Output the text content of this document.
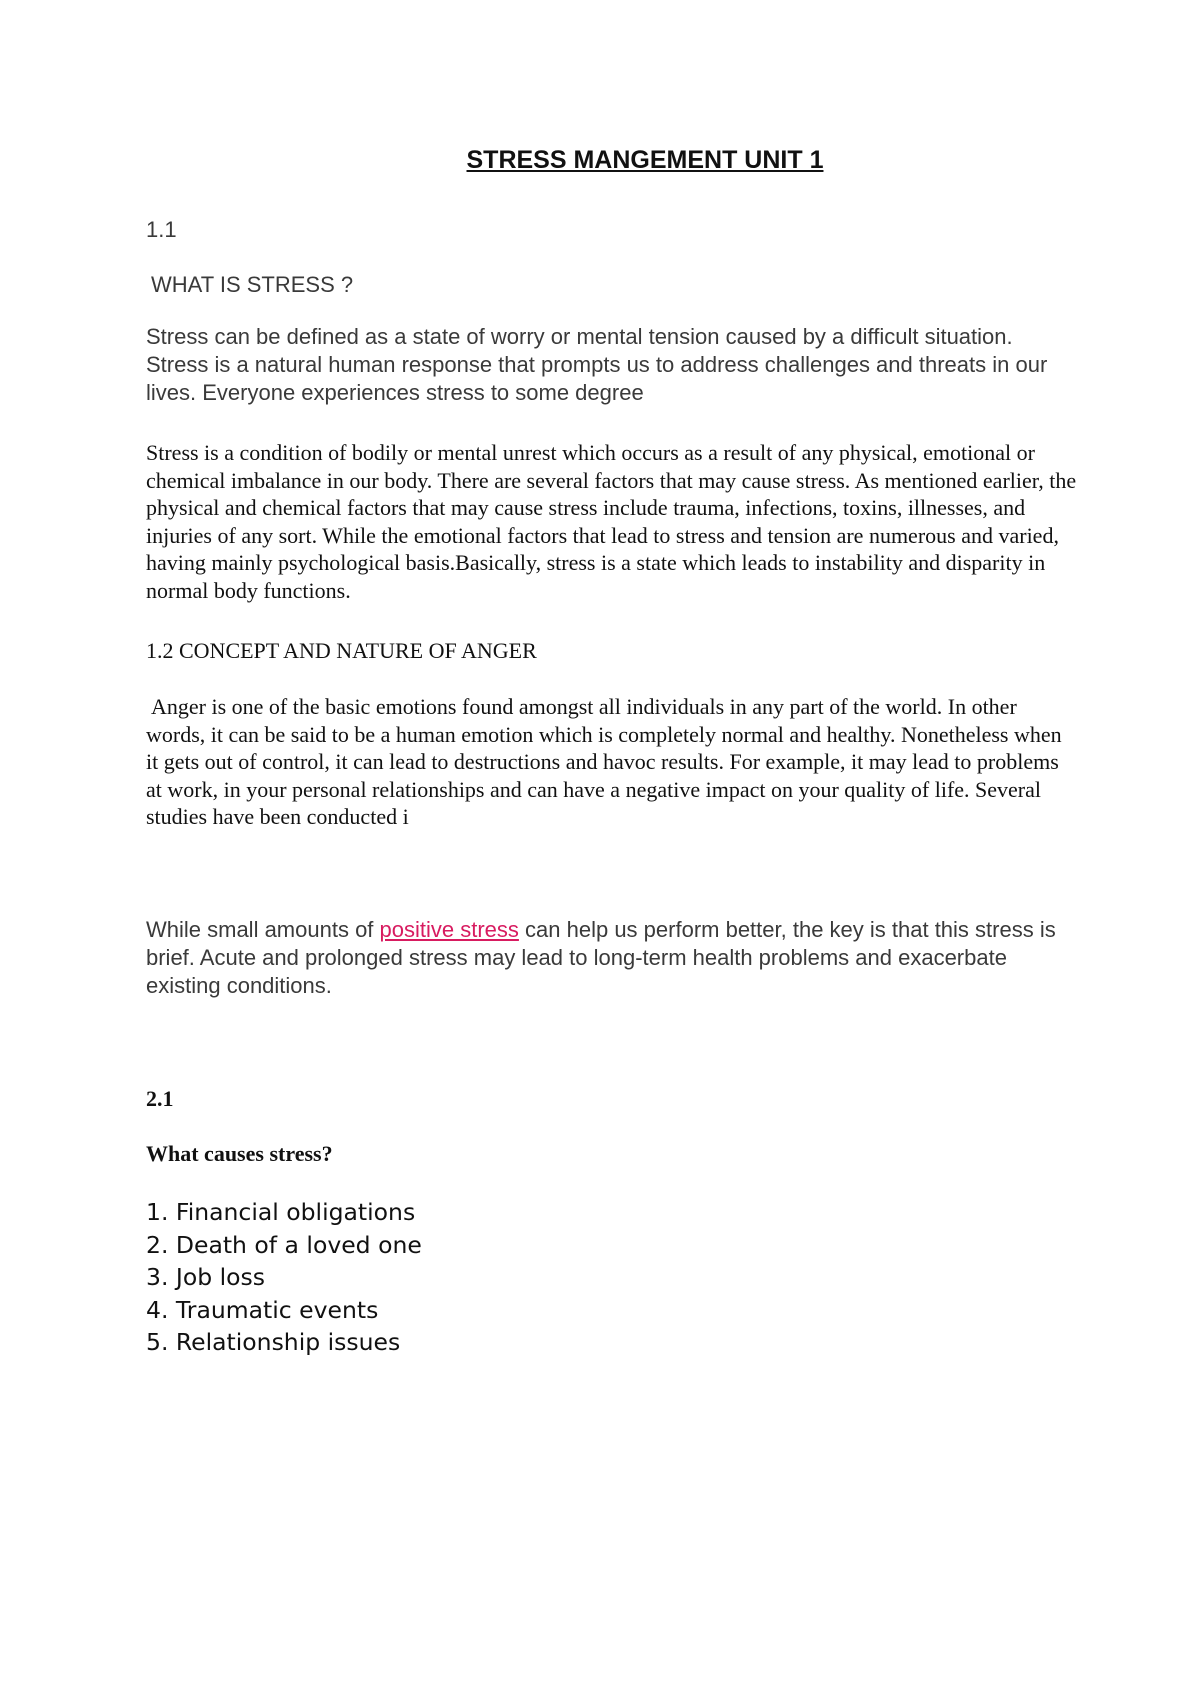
STRESS MANGEMENT UNIT 1
1.1
WHAT IS STRESS ?
Stress can be defined as a state of worry or mental tension caused by a difficult situation. Stress is a natural human response that prompts us to address challenges and threats in our lives. Everyone experiences stress to some degree
Stress is a condition of bodily or mental unrest which occurs as a result of any physical, emotional or chemical imbalance in our body. There are several factors that may cause stress. As mentioned earlier, the physical and chemical factors that may cause stress include trauma, infections, toxins, illnesses, and injuries of any sort. While the emotional factors that lead to stress and tension are numerous and varied, having mainly psychological basis.Basically, stress is a state which leads to instability and disparity in normal body functions.
1.2 CONCEPT AND NATURE OF ANGER
Anger is one of the basic emotions found amongst all individuals in any part of the world. In other words, it can be said to be a human emotion which is completely normal and healthy. Nonetheless when it gets out of control, it can lead to destructions and havoc results. For example, it may lead to problems at work, in your personal relationships and can have a negative impact on your quality of life. Several studies have been conducted i
While small amounts of positive stress can help us perform better, the key is that this stress is brief. Acute and prolonged stress may lead to long-term health problems and exacerbate existing conditions.
2.1
What causes stress?
1. Financial obligations
2. Death of a loved one
3. Job loss
4. Traumatic events
5. Relationship issues
